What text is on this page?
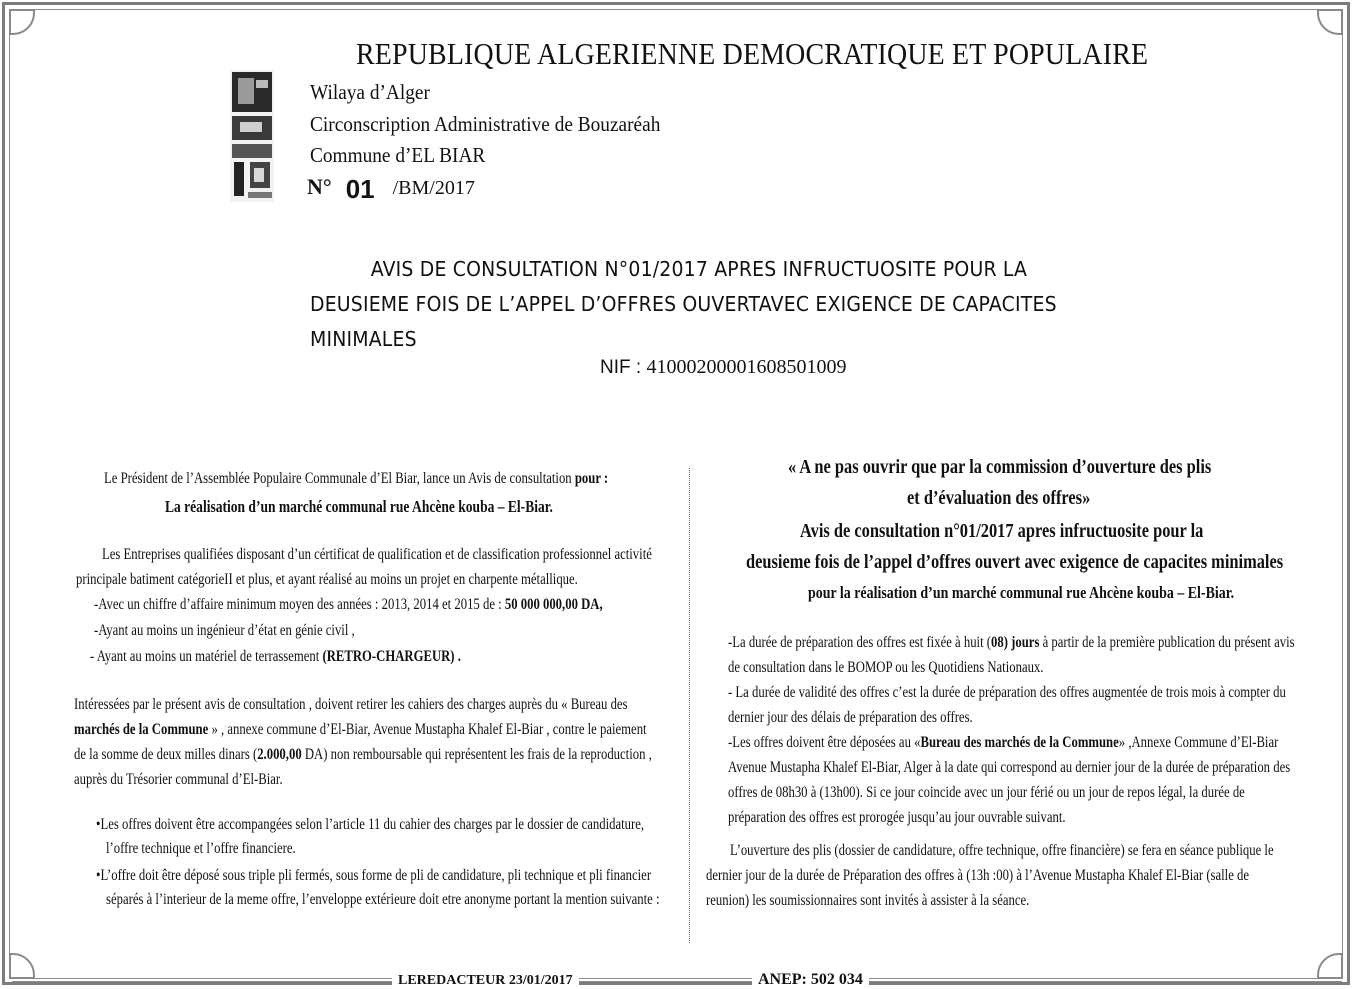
REPUBLIQUE ALGERIENNE DEMOCRATIQUE ET POPULAIRE
Wilaya d’Alger
Circonscription Administrative de Bouzaréah
Commune d’EL BIAR
N° 01 /BM/2017
AVIS DE CONSULTATION N°01/2017 APRES INFRUCTUOSITE POUR LA
DEUSIEME FOIS DE L’APPEL D’OFFRES OUVERTAVEC EXIGENCE DE CAPACITES
MINIMALES
NIF : 410002000016085010​09
Le Président de l’Assemblée Populaire Communale d’El Biar, lance un Avis de consultation pour :
La réalisation d’un marché communal rue Ahcène kouba – El-Biar.
Les Entreprises qualifiées disposant d’un cértificat de qualification et de classification professionnel activité
principale batiment catégorieII et plus, et ayant réalisé au moins un projet en charpente métallique.
-Avec un chiffre d’affaire minimum moyen des années : 2013, 2014 et 2015 de : 50 000 000,00 DA,
-Ayant au moins un ingénieur d’état en génie civil ,
- Ayant au moins un matériel de terrassement (RETRO-CHARGEUR) .
Intéressées par le présent avis de consultation , doivent retirer les cahiers des charges auprès du « Bureau des
marchés de la Commune » , annexe commune d’El-Biar, Avenue Mustapha Khalef El-Biar , contre le paiement
de la somme de deux milles dinars (2.000,00 DA) non remboursable qui représentent les frais de la reproduction ,
auprès du Trésorier communal d’El-Biar.
•Les offres doivent être accompangées selon l’article 11 du cahier des charges par le dossier de candidature,
l’offre technique et l’offre financiere.
•L’offre doit être déposé sous triple pli fermés, sous forme de pli de candidature, pli technique et pli financier
séparés à l’interieur de la meme offre, l’enveloppe extérieure doit etre anonyme portant la mention suivante :
« A ne pas ouvrir que par la commission d’ouverture des plis
et d’évaluation des offres»
Avis de consultation n°01/2017 apres infructuosite pour la
deusieme fois de l’appel d’offres ouvert avec exigence de capacites minimales
pour la réalisation d’un marché communal rue Ahcène kouba – El-Biar.
-La durée de préparation des offres est fixée à huit (08) jours à partir de la première publication du présent avis
de consultation dans le BOMOP ou les Quotidiens Nationaux.
- La durée de validité des offres c’est la durée de préparation des offres augmentée de trois mois à compter du
dernier jour des délais de préparation des offres.
-Les offres doivent être déposées au «Bureau des marchés de la Commune» ,Annexe Commune d’El-Biar
Avenue Mustapha Khalef El-Biar, Alger à la date qui correspond au dernier jour de la durée de préparation des
offres de 08h30 à (13h00). Si ce jour coincide avec un jour férié ou un jour de repos légal, la durée de
préparation des offres est prorogée jusqu’au jour ouvrable suivant.
L’ouverture des plis (dossier de candidature, offre technique, offre financière) se fera en séance publique le
dernier jour de la durée de Préparation des offres à (13h :00) à l’Avenue Mustapha Khalef El-Biar (salle de
reunion) les soumissionnaires sont invités à assister à la séance.
LEREDACTEUR 23/01/2017	ANEP: 502 034
